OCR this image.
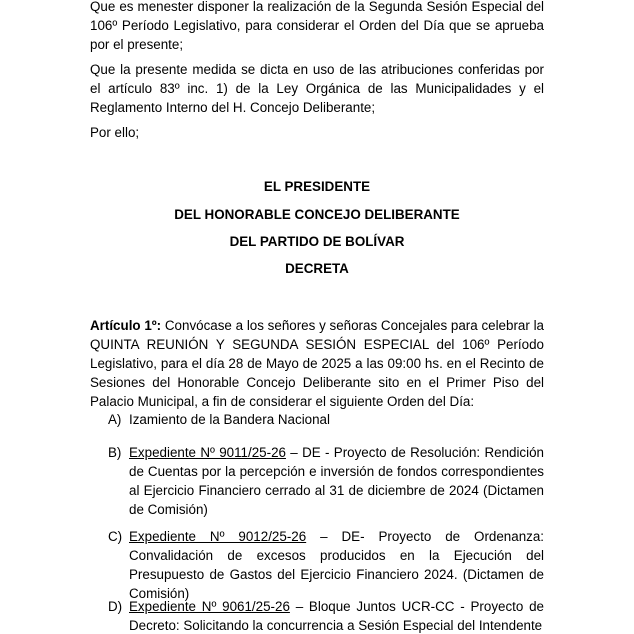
Que es menester disponer la realización de la Segunda Sesión Especial del 106º Período Legislativo, para considerar el Orden del Día que se aprueba por el presente;
Que la presente medida se dicta en uso de las atribuciones conferidas por el artículo 83º inc. 1) de la Ley Orgánica de las Municipalidades y el Reglamento Interno del H. Concejo Deliberante;
Por ello;
EL PRESIDENTE
DEL HONORABLE CONCEJO DELIBERANTE
DEL PARTIDO DE BOLÍVAR
DECRETA
Artículo 1º: Convócase a los señores y señoras Concejales para celebrar la QUINTA REUNIÓN Y SEGUNDA SESIÓN ESPECIAL del 106º Período Legislativo, para el día 28 de Mayo de 2025 a las 09:00 hs. en el Recinto de Sesiones del Honorable Concejo Deliberante sito en el Primer Piso del Palacio Municipal, a fin de considerar el siguiente Orden del Día:
A) Izamiento de la Bandera Nacional
B) Expediente Nº 9011/25-26 – DE - Proyecto de Resolución: Rendición de Cuentas por la percepción e inversión de fondos correspondientes al Ejercicio Financiero cerrado al 31 de diciembre de 2024 (Dictamen de Comisión)
C) Expediente Nº 9012/25-26 – DE- Proyecto de Ordenanza: Convalidación de excesos producidos en la Ejecución del Presupuesto de Gastos del Ejercicio Financiero 2024. (Dictamen de Comisión)
D) Expediente Nº 9061/25-26 – Bloque Juntos UCR-CC - Proyecto de Decreto: Solicitando la concurrencia a Sesión Especial del Intendente
